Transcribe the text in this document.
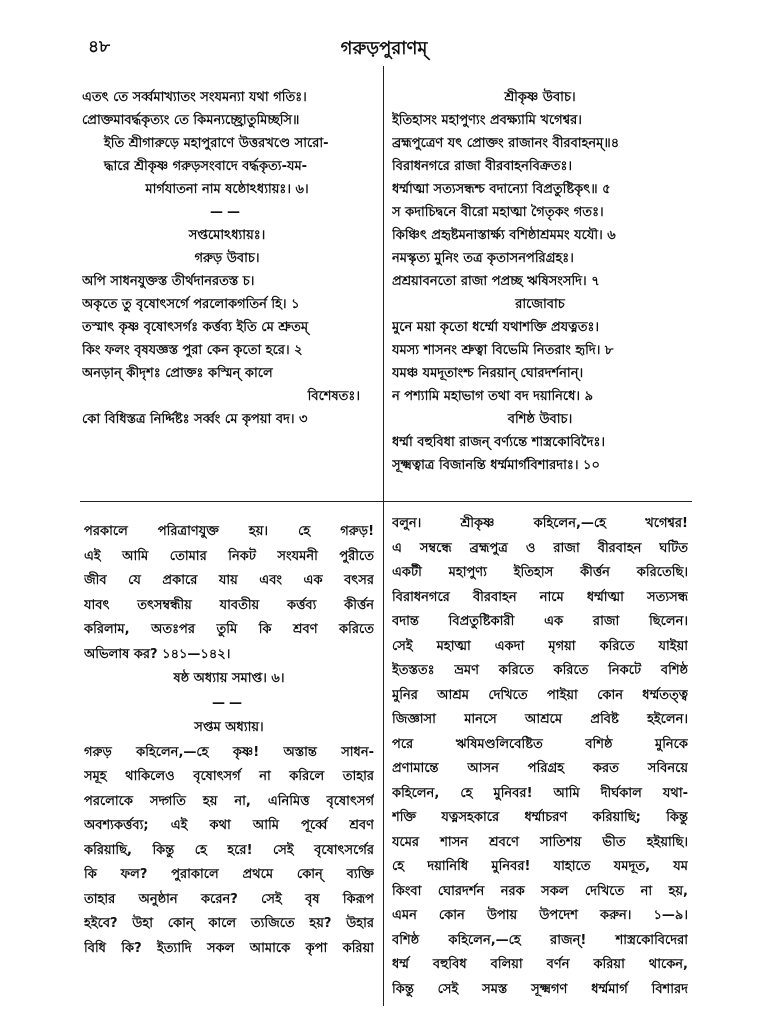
৪৮	গরুড়পুরাণম্
এতৎ তে সর্ব্বমাখ্যাতং সংযমন্যা যথা গতিঃ।
প্রোক্তমাবর্দ্ধকৃত্যং তে কিমন্যচ্ছ্রোতুমিচ্ছসি॥
ইতি শ্রীগারুড়ে মহাপুরাণে উত্তরখণ্ডে সারো-
দ্ধারে শ্রীকৃষ্ণ গরুড়সংবাদে বর্দ্ধকৃত্য-যম-
মার্গযাতনা নাম ষষ্ঠোঽধ্যায়ঃ। ৬।
——
সপ্তমোঽধ্যায়ঃ।
গরুড় উবাচ।
অপি সাধনযুক্তস্ত তীর্থদানরতস্ত চ।
অকৃতে তু বৃষোৎসর্গে পরলোকগতির্ন হি। ১
তস্মাৎ কৃষ্ণ বৃষোৎসর্গঃ কর্ত্তব্য ইতি মে শ্রুতম্
কিং ফলং বৃষযজ্ঞস্ত পুরা কেন কৃতো হরে। ২
অনড়ান্ কীদৃশঃ প্রোক্তঃ কস্মিন্ কালে
বিশেষতঃ।
কো বিধিস্তত্র নির্দ্দিষ্টঃ সর্ব্বং মে কৃপয়া বদ। ৩
শ্রীকৃষ্ণ উবাচ।
ইতিহাসং মহাপুণ্যং প্রবক্ষ্যামি খগেশ্বর।
ব্রহ্মপুত্রেণ যৎ প্রোক্তং রাজানং বীরবাহনম্॥৪
বিরাধনগরে রাজা বীরবাহনবিক্রতঃ।
ধর্ম্মাত্মা সত্যসন্ধশ্চ বদান্যো বিপ্রতুষ্টিকৃৎ॥ ৫
স কদাচিদ্বনে বীরো মহাত্মা গৈতৃকং গতঃ।
কিঞ্চিৎ প্রহৃষ্টমনাস্তার্ক্ষ্য বশিষ্ঠাশ্রমমং যযৌ। ৬
নমস্কৃত্য মুনিং তত্র কৃতাসনপরিগ্রহঃ।
প্রশ্রয়াবনতো রাজা পপ্রচ্ছ ঋষিসংসদি। ৭
রাজোবাচ
মুনে ময়া কৃতো ধর্ম্মো যথাশক্তি প্রযত্নতঃ।
যমস্য শাসনং শ্রুত্বা বিভেমি নিতরাং হৃদি। ৮
যমঞ্চ যমদূতাংশ্চ নিরয়ান্ ঘোরদর্শনান্।
ন পশ্যামি মহাভাগ তথা বদ দয়ানিধে। ৯
বশিষ্ঠ উবাচ।
ধর্ম্মা বহুবিধা রাজন্ বর্ণ্যন্তে শাস্ত্রকোবিদৈঃ।
সূক্ষ্মত্বাত্র বিজানন্তি ধর্ম্মমার্গবিশারদাঃ। ১০
পরকালে পরিত্রাণযুক্ত হয়। হে গরুড়!
এই আমি তোমার নিকট সংযমনী পুরীতে
জীব যে প্রকারে যায় এবং এক বৎসর
যাবৎ তৎসম্বন্ধীয় যাবতীয় কর্ত্তব্য কীর্ত্তন
করিলাম, অতঃপর তুমি কি শ্রবণ করিতে
অভিলাষ কর? ১৪১—১৪২।
ষষ্ঠ অধ্যায় সমাপ্ত। ৬।
——
সপ্তম অধ্যায়।
গরুড় কহিলেন,—হে কৃষ্ণ! অস্তান্ত সাধন-
সমূহ থাকিলেও বৃষোৎসর্গ না করিলে তাহার
পরলোকে সদ্গতি হয় না, এনিমিত্ত বৃষোৎসর্গ
অবশ্যকর্ত্তব্য; এই কথা আমি পূর্ব্বে শ্রবণ
করিয়াছি, কিন্তু হে হরে! সেই বৃষোৎসর্গের
কি ফল? পুরাকালে প্রথমে কোন্ ব্যক্তি
তাহার অনুষ্ঠান করেন? সেই বৃষ কিরূপ
হইবে? উহা কোন্ কালে ত্যজিতে হয়? উহার
বিধি কি? ইত্যাদি সকল আমাকে কৃপা করিয়া
বলুন। শ্রীকৃষ্ণ কহিলেন,—হে খগেশ্বর!
এ সম্বন্ধে ব্রহ্মপুত্র ও রাজা বীরবাহন ঘটিত
একটী মহাপুণ্য ইতিহাস কীর্ত্তন করিতেছি।
বিরাধনগরে বীরবাহন নামে ধর্ম্মাত্মা সত্যসন্ধ
বদান্ত বিপ্রতুষ্টিকারী এক রাজা ছিলেন।
সেই মহাত্মা একদা মৃগয়া করিতে যাইয়া
ইতস্ততঃ ভ্রমণ করিতে করিতে নিকটে বশিষ্ঠ
মুনির আশ্রম দেখিতে পাইয়া কোন ধর্ম্মতত্ত্ব
জিজ্ঞাসা মানসে আশ্রমে প্রবিষ্ট হইলেন।
পরে ঋষিমণ্ডলিবেষ্টিত বশিষ্ঠ মুনিকে
প্রণামান্তে আসন পরিগ্রহ করত সবিনয়ে
কহিলেন, হে মুনিবর! আমি দীর্ঘকাল যথা-
শক্তি যত্নসহকারে ধর্ম্মাচরণ করিয়াছি; কিন্তু
যমের শাসন শ্রবণে সাতিশয় ভীত হইয়াছি।
হে দয়ানিধি মুনিবর! যাহাতে যমদূত, যম
কিংবা ঘোরদর্শন নরক সকল দেখিতে না হয়,
এমন কোন উপায় উপদেশ করুন। ১—৯।
বশিষ্ঠ কহিলেন,—হে রাজন্! শাস্ত্রকোবিদেরা
ধর্ম্ম বহুবিধ বলিয়া বর্ণন করিয়া থাকেন,
কিন্তু সেই সমস্ত সূক্ষ্মগণ ধর্ম্মমার্গ বিশারদ
